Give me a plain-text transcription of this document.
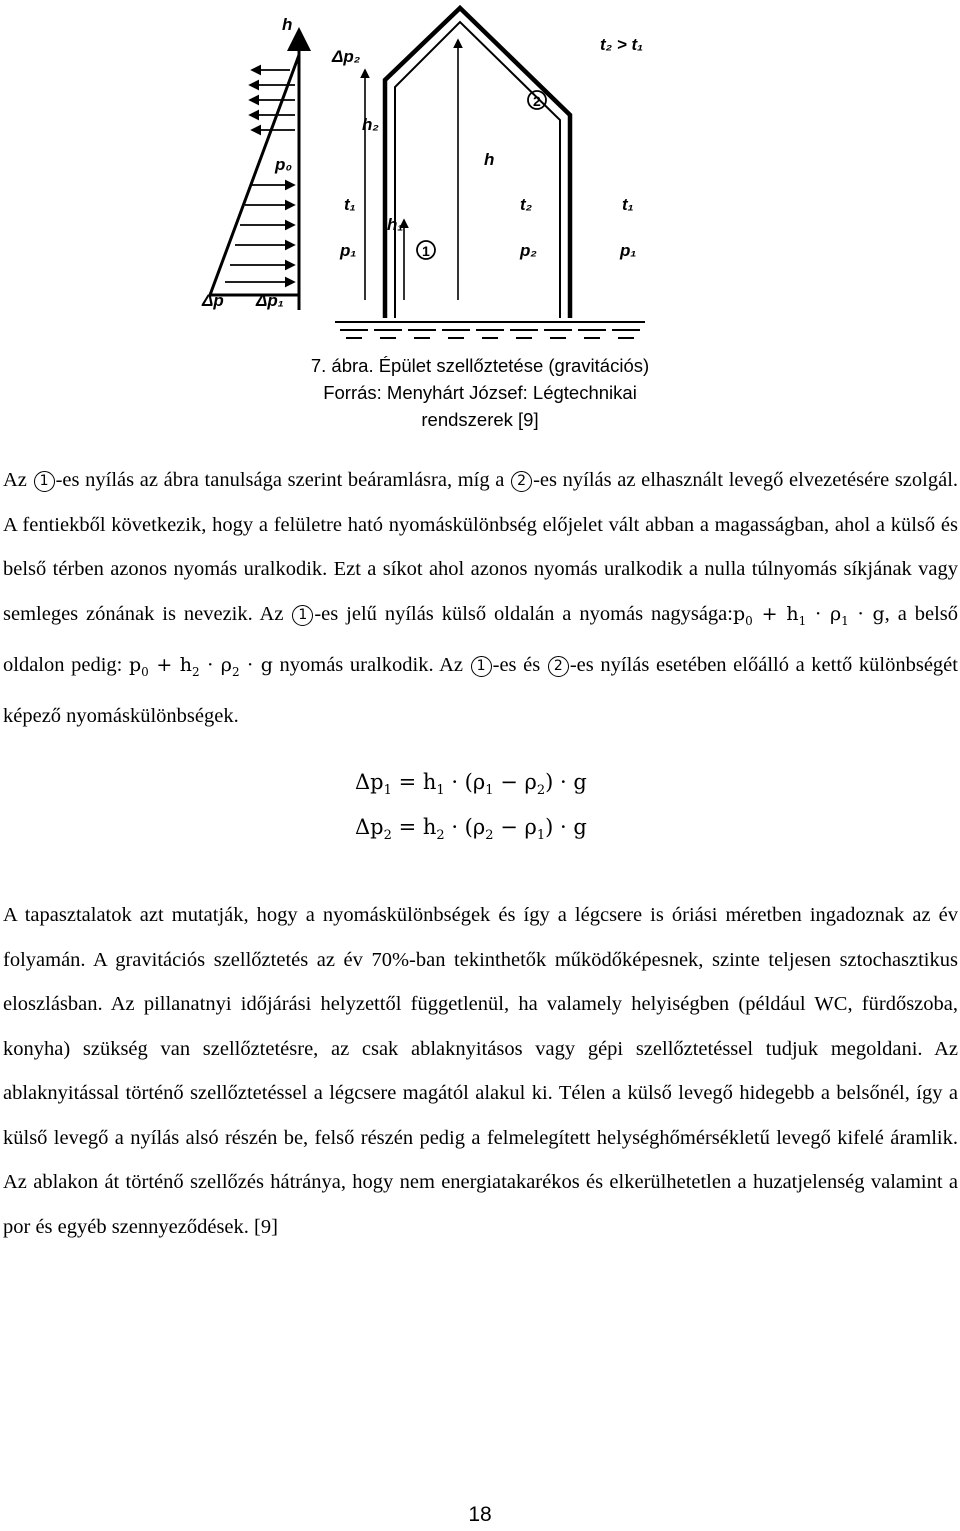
1
2
h
Δp₂
t₂ > t₁
h₂
p₀	h
t₁
h₁
t₂	t₁
p₁	p₂	p₁
Δp Δp₁
7. ábra. Épület szellőztetése (gravitációs)
Forrás: Menyhárt József: Légtechnikai
rendszerek [9]
Az 1 -es nyílás az ábra tanulsága szerint beáramlásra, míg a 2 -es nyílás az elhasznált levegő elvezetésére szolgál. A fentiekből következik, hogy a felületre ható nyomáskülönbség előjelet vált abban a magasságban, ahol a külső és belső térben azonos nyomás uralkodik. Ezt a síkot ahol azonos nyomás uralkodik a nulla túlnyomás síkjának vagy semleges zónának is nevezik. Az 1 -es jelű nyílás külső oldalán a nyomás $nagysága:p_0 + h_1 \cdot \rho_1 \cdot g$, a belső oldalon pedig: $p_0 + h_2 \cdot \rho_2 \cdot g$ nyomás uralkodik. Az 1 -es és 2 -es nyílás esetében előálló a kettő különbségét képező nyomáskülönbségek.
$\Delta p_1 = h_1 \cdot (\rho_1 - \rho_2) \cdot g$
$\Delta p_2 = h_2 \cdot (\rho_2 - \rho_1) \cdot g$
A tapasztalatok azt mutatják, hogy a nyomáskülönbségek és így a légcsere is óriási méretben ingadoznak az év folyamán. A gravitációs szellőztetés az év 70%-ban tekinthetők működőképesnek, szinte teljesen sztochasztikus eloszlásban. Az pillanatnyi időjárási helyzettől függetlenül, ha valamely helyiségben (például WC, fürdőszoba, konyha) szükség van szellőztetésre, az csak ablaknyitásos vagy gépi szellőztetéssel tudjuk megoldani. Az ablaknyitással történő szellőztetéssel a légcsere magától alakul ki. Télen a külső levegő hidegebb a belsőnél, így a külső levegő a nyílás alsó részén be, felső részén pedig a felmelegített helységhőmérsékletű levegő kifelé áramlik. Az ablakon át történő szellőzés hátránya, hogy nem energiatakarékos és elkerülhetetlen a huzatjelenség valamint a por és egyéb szennyeződések. [9]
18
